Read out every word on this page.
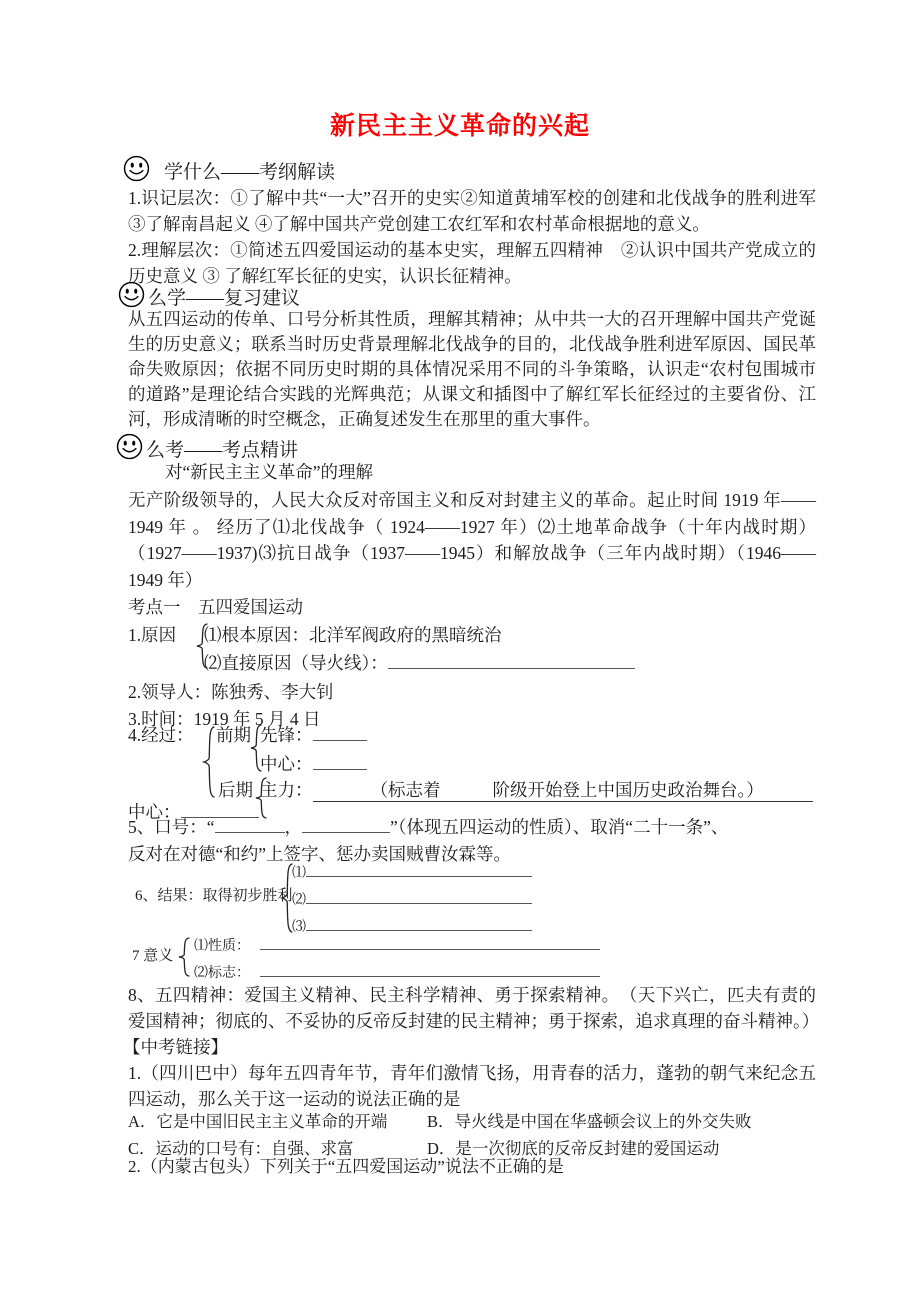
新民主主义革命的兴起
学什么——考纲解读
1.识记层次：①了解中共“一大”召开的史实②知道黄埔军校的创建和北伐战争的胜利进军③了解南昌起义 ④了解中国共产党创建工农红军和农村革命根据地的意义。
2.理解层次：①简述五四爱国运动的基本史实，理解五四精神　②认识中国共产党成立的历史意义 ③ 了解红军长征的史实，认识长征精神。
么学——复习建议
从五四运动的传单、口号分析其性质，理解其精神；从中共一大的召开理解中国共产党诞生的历史意义；联系当时历史背景理解北伐战争的目的，北伐战争胜利进军原因、国民革命失败原因；依据不同历史时期的具体情况采用不同的斗争策略，认识走“农村包围城市的道路”是理论结合实践的光辉典范；从课文和插图中了解红军长征经过的主要省份、江河，形成清晰的时空概念，正确复述发生在那里的重大事件。
么考——考点精讲
对“新民主主义革命”的理解
无产阶级领导的，人民大众反对帝国主义和反对封建主义的革命。起止时间 1919 年——1949 年 。 经历了⑴北伐战争（ 1924——1927 年）⑵土地革命战争（十年内战时期）（1927——1937)⑶抗日战争（1937——1945）和解放战争（三年内战时期）（1946——1949 年）
考点一　五四爱国运动
1.原因 ⑴根本原因：北洋军阀政府的黑暗统治
⑵直接原因（导火线）：
2.领导人：陈独秀、李大钊
3.时间：1919 年 5 月 4 日
4.经过： 前期 先锋：
中心：
后期 主力：	（标志着	阶级开始登上中国历史政治舞台。）
中心：
5、口号：“	，	”（体现五四运动的性质）、取消“二十一条”、
反对在对德“和约”上签字、惩办卖国贼曹汝霖等。
6、结果：取得初步胜利
⑴
⑵
⑶
7 意义
⑴性质：
⑵标志：
8、五四精神：爱国主义精神、民主科学精神、勇于探索精神。　（天下兴亡，匹夫有责的爱国精神；彻底的、不妥协的反帝反封建的民主精神；勇于探索，追求真理的奋斗精神。）
【中考链接】
1.（四川巴中）每年五四青年节，青年们激情飞扬，用青春的活力，蓬勃的朝气来纪念五四运动，那么关于这一运动的说法正确的是
A．它是中国旧民主主义革命的开端	B．导火线是中国在华盛顿会议上的外交失败
C．运动的口号有：自强、求富	D．是一次彻底的反帝反封建的爱国运动
2.（内蒙古包头）下列关于“五四爱国运动”说法不正确的是
